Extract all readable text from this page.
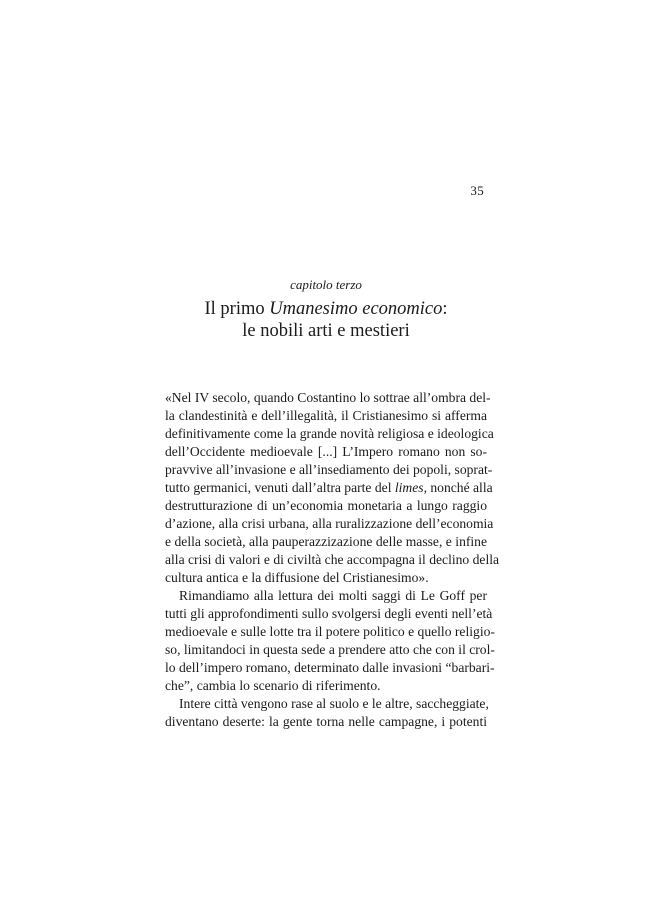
35
capitolo terzo
Il primo Umanesimo economico:
le nobili arti e mestieri
«Nel IV secolo, quando Costantino lo sottrae all’ombra del-
la clandestinità e dell’illegalità, il Cristianesimo si afferma
definitivamente come la grande novità religiosa e ideologica
dell’Occidente medioevale [...] L’Impero romano non so-
pravvive all’invasione e all’insediamento dei popoli, soprat-
tutto germanici, venuti dall’altra parte del limes, nonché alla
destrutturazione di un’economia monetaria a lungo raggio
d’azione, alla crisi urbana, alla ruralizzazione dell’economia
e della società, alla pauperazzizazione delle masse, e infine
alla crisi di valori e di civiltà che accompagna il declino della
cultura antica e la diffusione del Cristianesimo».
Rimandiamo alla lettura dei molti saggi di Le Goff per
tutti gli approfondimenti sullo svolgersi degli eventi nell’età
medioevale e sulle lotte tra il potere politico e quello religio-
so, limitandoci in questa sede a prendere atto che con il crol-
lo dell’impero romano, determinato dalle invasioni “barbari-
che”, cambia lo scenario di riferimento.
Intere città vengono rase al suolo e le altre, saccheggiate,
diventano deserte: la gente torna nelle campagne, i potenti
